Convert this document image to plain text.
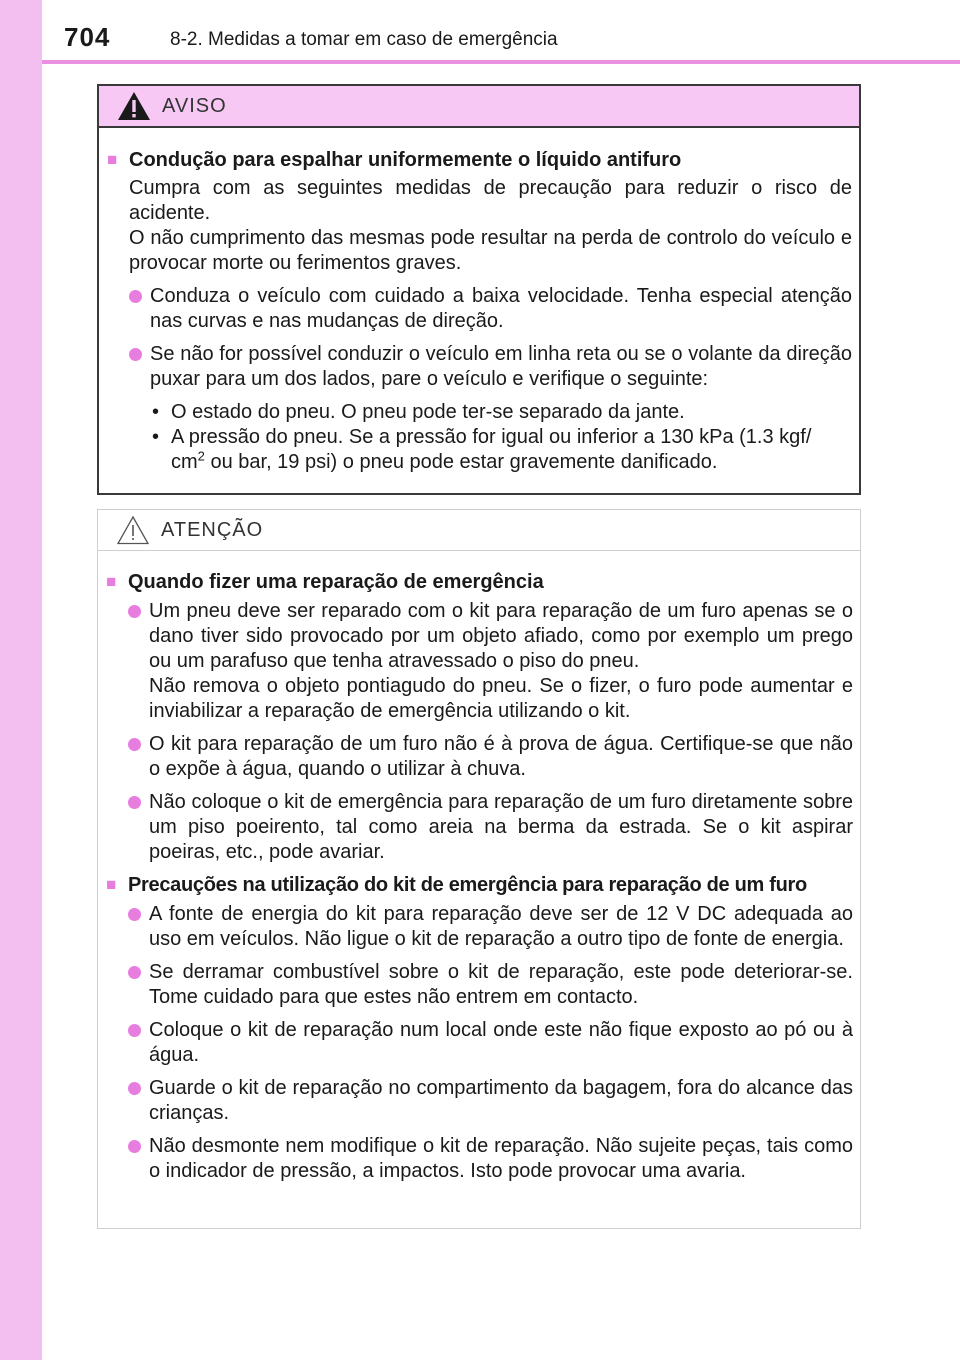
704	8-2. Medidas a tomar em caso de emergência
AVISO
■ Condução para espalhar uniformemente o líquido antifuro
Cumpra com as seguintes medidas de precaução para reduzir o risco de acidente.
O não cumprimento das mesmas pode resultar na perda de controlo do veículo e provocar morte ou ferimentos graves.
Conduza o veículo com cuidado a baixa velocidade. Tenha especial atenção nas curvas e nas mudanças de direção.
Se não for possível conduzir o veículo em linha reta ou se o volante da direção puxar para um dos lados, pare o veículo e verifique o seguinte:
• O estado do pneu. O pneu pode ter-se separado da jante.
• A pressão do pneu. Se a pressão for igual ou inferior a 130 kPa (1.3 kgf/
$cm^2$ ou bar, 19 psi) o pneu pode estar gravemente danificado.
ATENÇÃO
■ Quando fizer uma reparação de emergência
Um pneu deve ser reparado com o kit para reparação de um furo apenas se o dano tiver sido provocado por um objeto afiado, como por exemplo um prego ou um parafuso que tenha atravessado o piso do pneu.
Não remova o objeto pontiagudo do pneu. Se o fizer, o furo pode aumentar e inviabilizar a reparação de emergência utilizando o kit.
O kit para reparação de um furo não é à prova de água. Certifique-se que não o expõe à água, quando o utilizar à chuva.
Não coloque o kit de emergência para reparação de um furo diretamente sobre um piso poeirento, tal como areia na berma da estrada. Se o kit aspirar poeiras, etc., pode avariar.
■ Precauções na utilização do kit de emergência para reparação de um furo
A fonte de energia do kit para reparação deve ser de 12 V DC adequada ao uso em veículos. Não ligue o kit de reparação a outro tipo de fonte de energia.
Se derramar combustível sobre o kit de reparação, este pode deteriorar-se. Tome cuidado para que estes não entrem em contacto.
Coloque o kit de reparação num local onde este não fique exposto ao pó ou à água.
Guarde o kit de reparação no compartimento da bagagem, fora do alcance das crianças.
Não desmonte nem modifique o kit de reparação. Não sujeite peças, tais como o indicador de pressão, a impactos. Isto pode provocar uma avaria.
